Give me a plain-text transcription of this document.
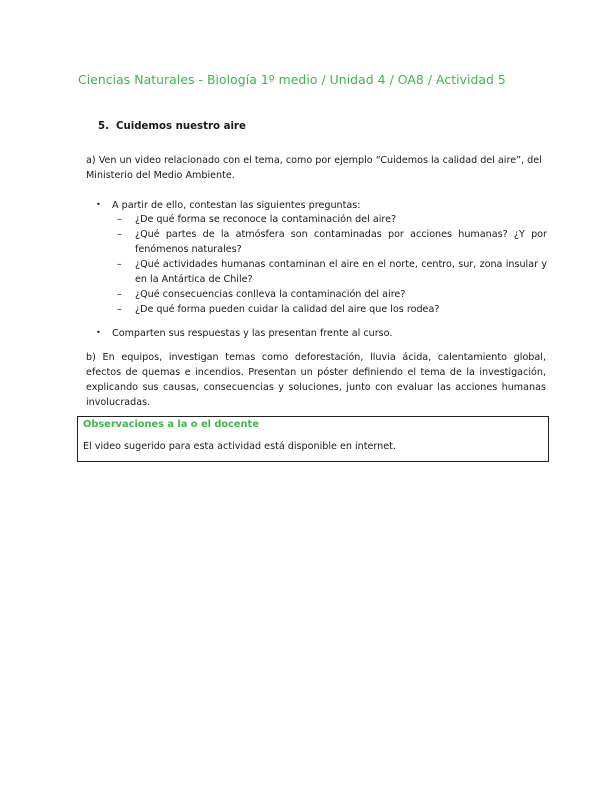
Ciencias Naturales - Biología 1º medio / Unidad 4 / OA8 / Actividad 5
5. Cuidemos nuestro aire
a) Ven un video relacionado con el tema, como por ejemplo “Cuidemos la calidad del aire”, del Ministerio del Medio Ambiente.
• A partir de ello, contestan las siguientes preguntas:
–	¿De qué forma se reconoce la contaminación del aire?
–	¿Qué partes de la atmósfera son contaminadas por acciones humanas? ¿Y por fenómenos naturales?
–	¿Qué actividades humanas contaminan el aire en el norte, centro, sur, zona insular y en la Antártica de Chile?
–	¿Qué consecuencias conlleva la contaminación del aire?
–	¿De qué forma pueden cuidar la calidad del aire que los rodea?
• Comparten sus respuestas y las presentan frente al curso.
b) En equipos, investigan temas como deforestación, lluvia ácida, calentamiento global, efectos de quemas e incendios. Presentan un póster definiendo el tema de la investigación, explicando sus causas, consecuencias y soluciones, junto con evaluar las acciones humanas involucradas.
Observaciones a la o el docente
El video sugerido para esta actividad está disponible en internet.
